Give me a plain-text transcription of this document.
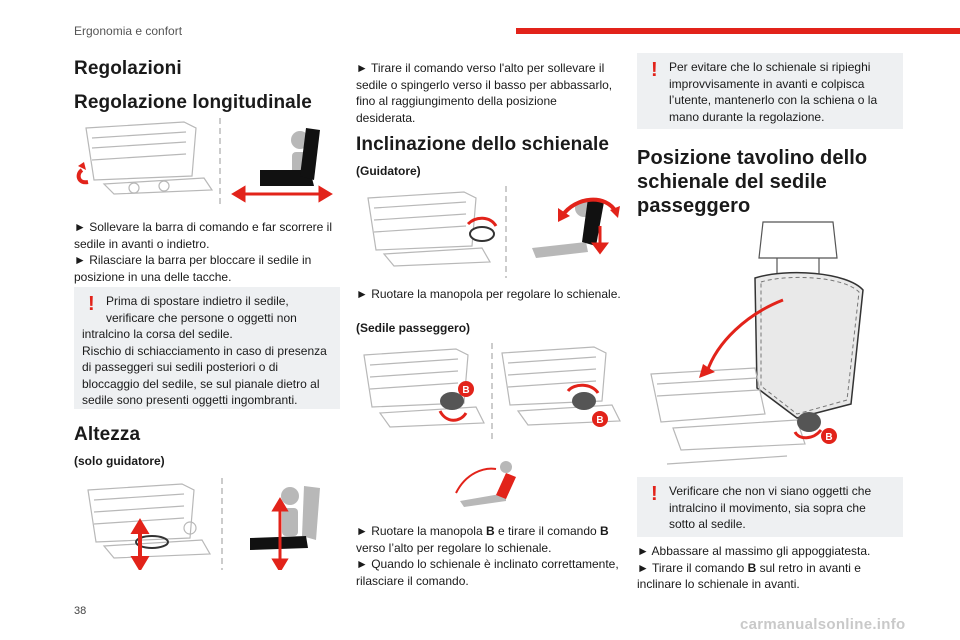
Ergonomia e confort
Regolazioni
Regolazione longitudinale

► Sollevare la barra di comando e far scorrere il sedile in avanti o indietro.

► Rilasciare la barra per bloccare il sedile in posizione in una delle tacche.

! Prima di spostare indietro il sedile, verificare che persone o oggetti non
intralcino la corsa del sedile.
Rischio di schiacciamento in caso di presenza di passeggeri sui sedili posteriori o di bloccaggio del sedile, se sul pianale dietro al sedile sono presenti oggetti ingombranti.
Altezza
(solo guidatore)
► Tirare il comando verso l'alto per sollevare il sedile o spingerlo verso il basso per abbassarlo, fino al raggiungimento della posizione desiderata.
Inclinazione dello schienale
(Guidatore)
► Ruotare la manopola per regolare lo schienale.
(Sedile passeggero)
B
B

► Ruotare la manopola B e tirare il comando B verso l’alto per regolare lo schienale.

► Quando lo schienale è inclinato correttamente, rilasciare il comando.

! Per evitare che lo schienale si ripieghi improvvisamente in avanti e colpisca l’utente, mantenerlo con la schiena o la mano durante la regolazione.
Posizione tavolino dello schienale del sedile passeggero
B
! Verificare che non vi siano oggetti che intralcino il movimento, sia sopra che sotto al sedile.

► Abbassare al massimo gli appoggiatesta.

► Tirare il comando B sul retro in avanti e inclinare lo schienale in avanti.

38
carmanualsonline.info
